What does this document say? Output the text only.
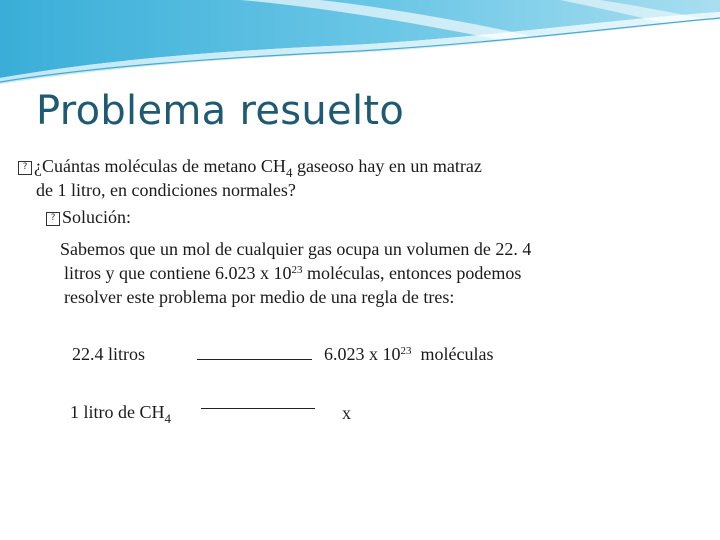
Problema resuelto
? ¿Cuántas moléculas de metano $CH_4$ gaseoso hay en un matraz
de 1 litro, en condiciones normales?
? Solución:
Sabemos que un mol de cualquier gas ocupa un volumen de 22. 4
litros y que contiene 6.023 x $10^{23}$ moléculas, entonces podemos
resolver este problema por medio de una regla de tres:
22.4 litros	6.023 x $10^{23}$ moléculas
1 litro de $CH_4$	x
